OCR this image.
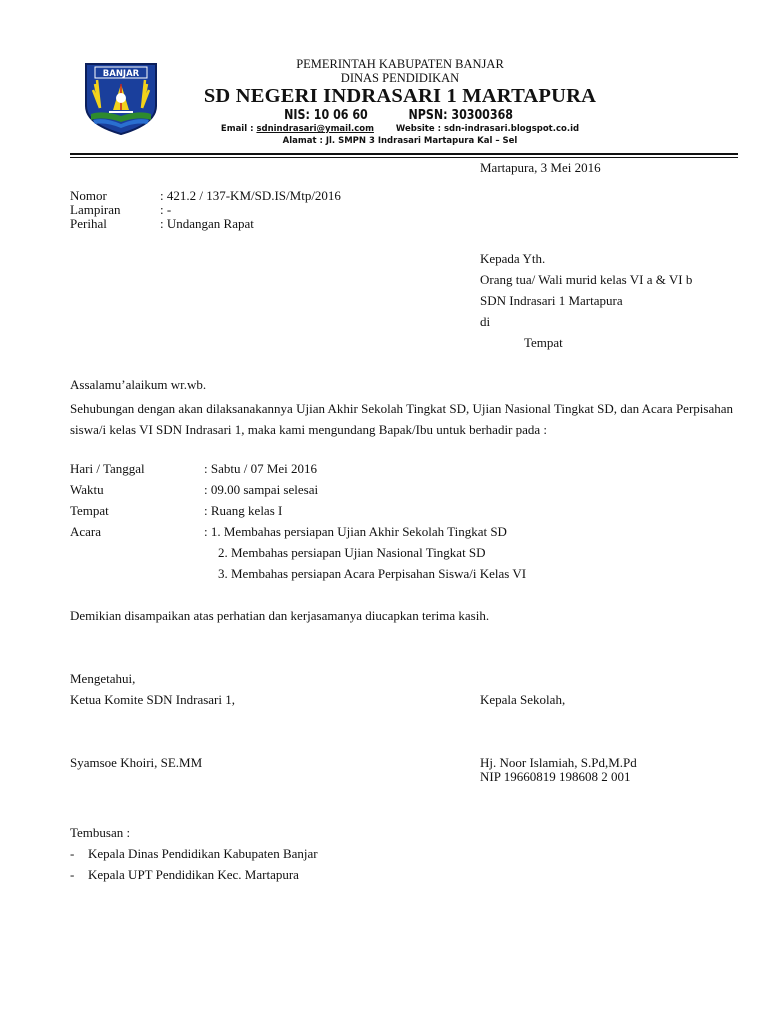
BANJAR
PEMERINTAH KABUPATEN BANJAR
DINAS PENDIDIKAN
SD NEGERI INDRASARI 1 MARTAPURA
NIS: 10 06 60	NPSN: 30300368
Email : sdnindrasari@ymail.com	Website : sdn-indrasari.blogspot.co.id
Alamat : Jl. SMPN 3 Indrasari Martapura Kal – Sel
Martapura, 3 Mei 2016
Nomor	: 421.2 / 137-KM/SD.IS/Mtp/2016
Lampiran	: -
Perihal	: Undangan Rapat
Kepada Yth.
Orang tua/ Wali murid kelas VI a & VI b
SDN Indrasari 1 Martapura
di
Tempat
Assalamu’alaikum wr.wb.

Sehubungan dengan akan dilaksanakannya Ujian Akhir Sekolah Tingkat SD, Ujian Nasional Tingkat SD, dan Acara Perpisahan siswa/i kelas VI SDN Indrasari 1, maka kami mengundang Bapak/Ibu untuk berhadir pada :

Hari / Tanggal	: Sabtu / 07 Mei 2016
Waktu	: 09.00 sampai selesai
Tempat	: Ruang kelas I
Acara	: 1. Membahas persiapan Ujian Akhir Sekolah Tingkat SD
2. Membahas persiapan Ujian Nasional Tingkat SD
3. Membahas persiapan Acara Perpisahan Siswa/i Kelas VI
Demikian disampaikan atas perhatian dan kerjasamanya diucapkan terima kasih.
Mengetahui,
Ketua Komite SDN Indrasari 1,	Kepala Sekolah,
Syamsoe Khoiri, SE.MM	Hj. Noor Islamiah, S.Pd,M.Pd
NIP 19660819 198608 2 001
Tembusan :
- Kepala Dinas Pendidikan Kabupaten Banjar
- Kepala UPT Pendidikan Kec. Martapura
